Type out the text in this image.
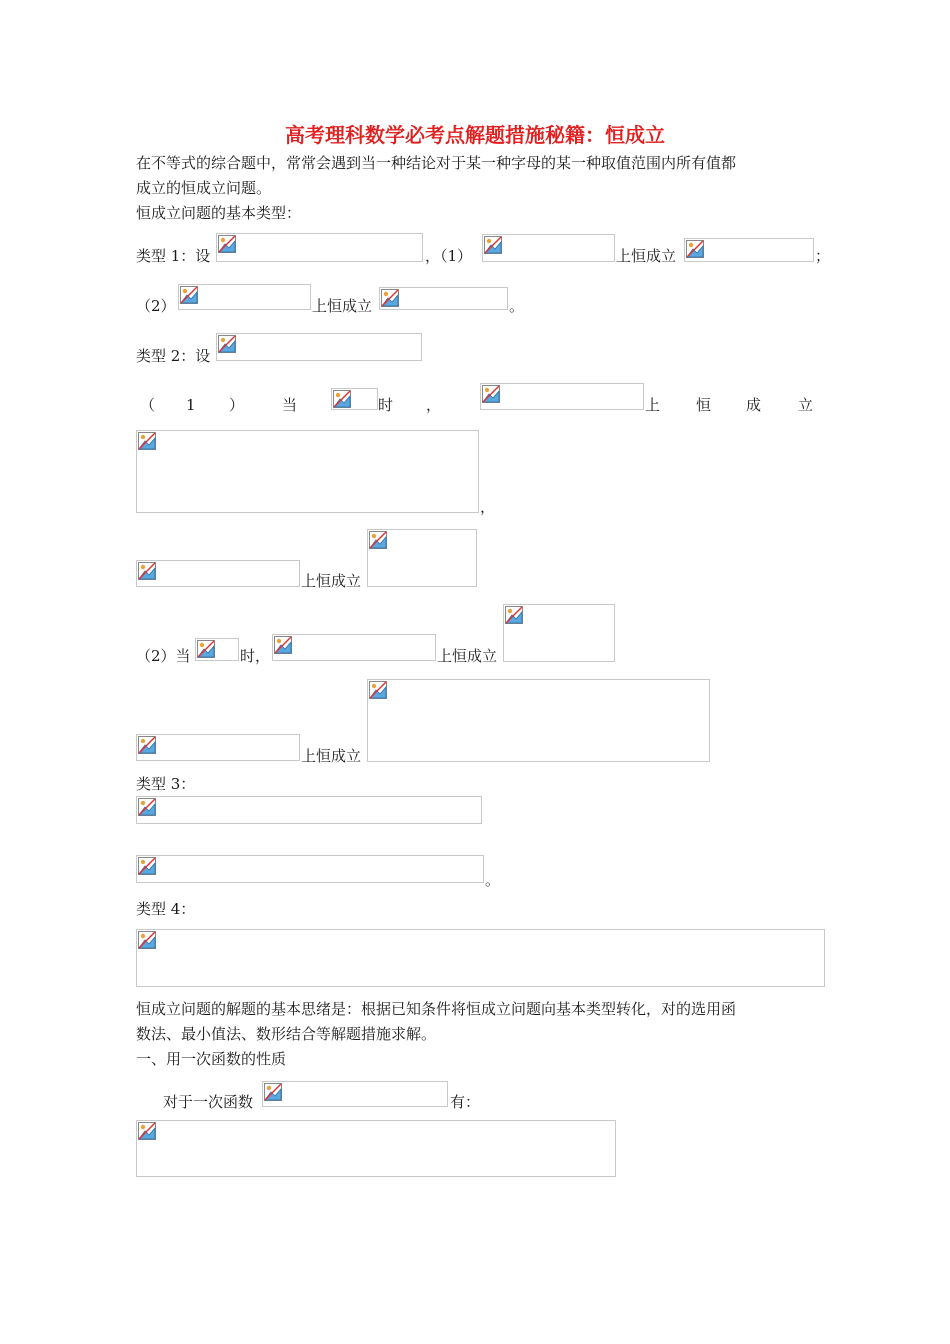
高考理科数学必考点解题措施秘籍：恒成立
在不等式的综合题中，常常会遇到当一种结论对于某一种字母的某一种取值范围内所有值都
成立的恒成立问题。
恒成立问题的基本类型：
类型 1：设	，（1）	上恒成立	；
（2）	上恒成立	。
类型 2：设
（ 1 ）	当	时 ，	上 恒 成 立
，
上恒成立
（2）当	时，	上恒成立
上恒成立
类型 3：
。
类型 4：
恒成立问题的解题的基本思绪是：根据已知条件将恒成立问题向基本类型转化，对的选用函
数法、最小值法、数形结合等解题措施求解。
一、用一次函数的性质
对于一次函数	有：
